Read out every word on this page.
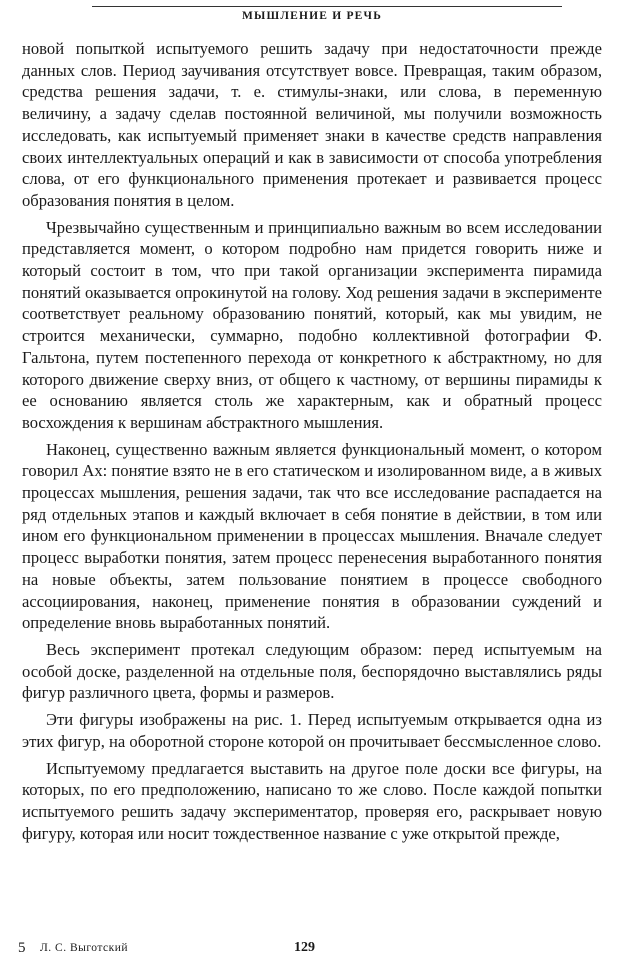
МЫШЛЕНИЕ И РЕЧЬ

новой попыткой испытуемого решить задачу при недостаточности прежде данных слов. Период заучивания отсутствует вовсе. Превращая, таким образом, средства решения задачи, т. е. стимулы-знаки, или слова, в переменную величину, а задачу сделав постоянной величиной, мы получили возможность исследовать, как испытуемый применяет знаки в качестве средств направления своих интеллектуальных операций и как в зависимости от способа употребления слова, от его функционального применения протекает и развивается процесс образования понятия в целом.

Чрезвычайно существенным и принципиально важным во всем исследовании представляется момент, о котором подробно нам придется говорить ниже и который состоит в том, что при такой организации эксперимента пирамида понятий оказывается опрокинутой на голову. Ход решения задачи в эксперименте соответствует реальному образованию понятий, который, как мы увидим, не строится механически, суммарно, подобно коллективной фотографии Ф. Гальтона, путем постепенного перехода от конкретного к абстрактному, но для которого движение сверху вниз, от общего к частному, от вершины пирамиды к ее основанию является столь же характерным, как и обратный процесс восхождения к вершинам абстрактного мышления.

Наконец, существенно важным является функциональный момент, о котором говорил Ах: понятие взято не в его статическом и изолированном виде, а в живых процессах мышления, решения задачи, так что все исследование распадается на ряд отдельных этапов и каждый включает в себя понятие в действии, в том или ином его функциональном применении в процессах мышления. Вначале следует процесс выработки понятия, затем процесс перенесения выработанного понятия на новые объекты, затем пользование понятием в процессе свободного ассоциирования, наконец, применение понятия в образовании суждений и определение вновь выработанных понятий.

Весь эксперимент протекал следующим образом: перед испытуемым на особой доске, разделенной на отдельные поля, беспорядочно выставлялись ряды фигур различного цвета, формы и размеров.

Эти фигуры изображены на рис. 1. Перед испытуемым открывается одна из этих фигур, на оборотной стороне которой он прочитывает бессмысленное слово.

Испытуемому предлагается выставить на другое поле доски все фигуры, на которых, по его предположению, написано то же слово. После каждой попытки испытуемого решить задачу экспериментатор, проверяя его, раскрывает новую фигуру, которая или носит тождественное название с уже открытой прежде,

5 Л. С. Выготский	129
